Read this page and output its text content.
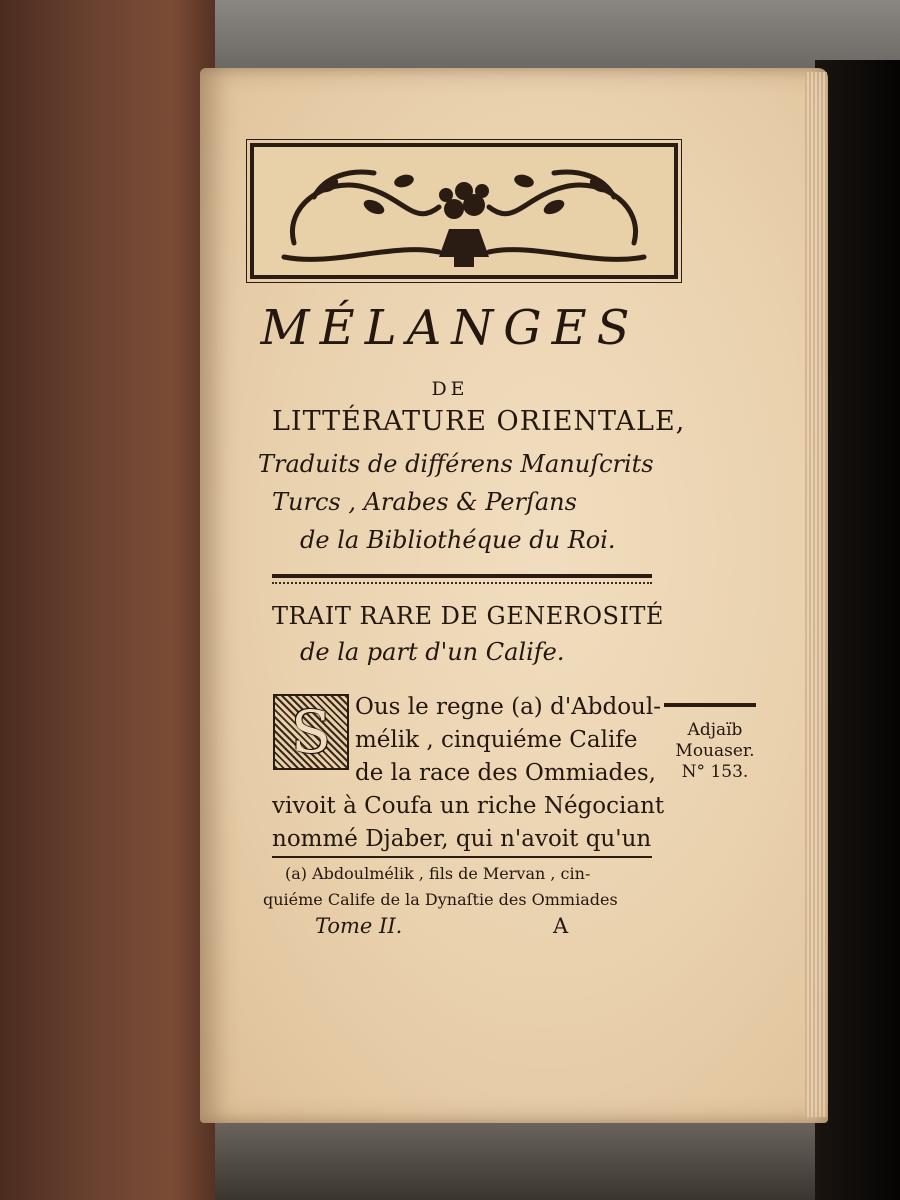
MÉLANGES
DE
LITTÉRATURE ORIENTALE,
Traduits de différens Manuſcrits
Turcs , Arabes & Perſans
de la Bibliothéque du Roi.
TRAIT RARE DE GENEROSITÉ
de la part d'un Calife.
S Ous le regne (a) d'Abdoul-
mélik , cinquiéme Calife
de la race des Ommiades,
vivoit à Coufa un riche Négociant
nommé Djaber, qui n'avoit qu'un
Adjaïb
Mouaser.
N° 153.
(a) Abdoulmélik , fils de Mervan , cin-
quiéme Calife de la Dynaſtie des Ommiades
Tome II.	A
